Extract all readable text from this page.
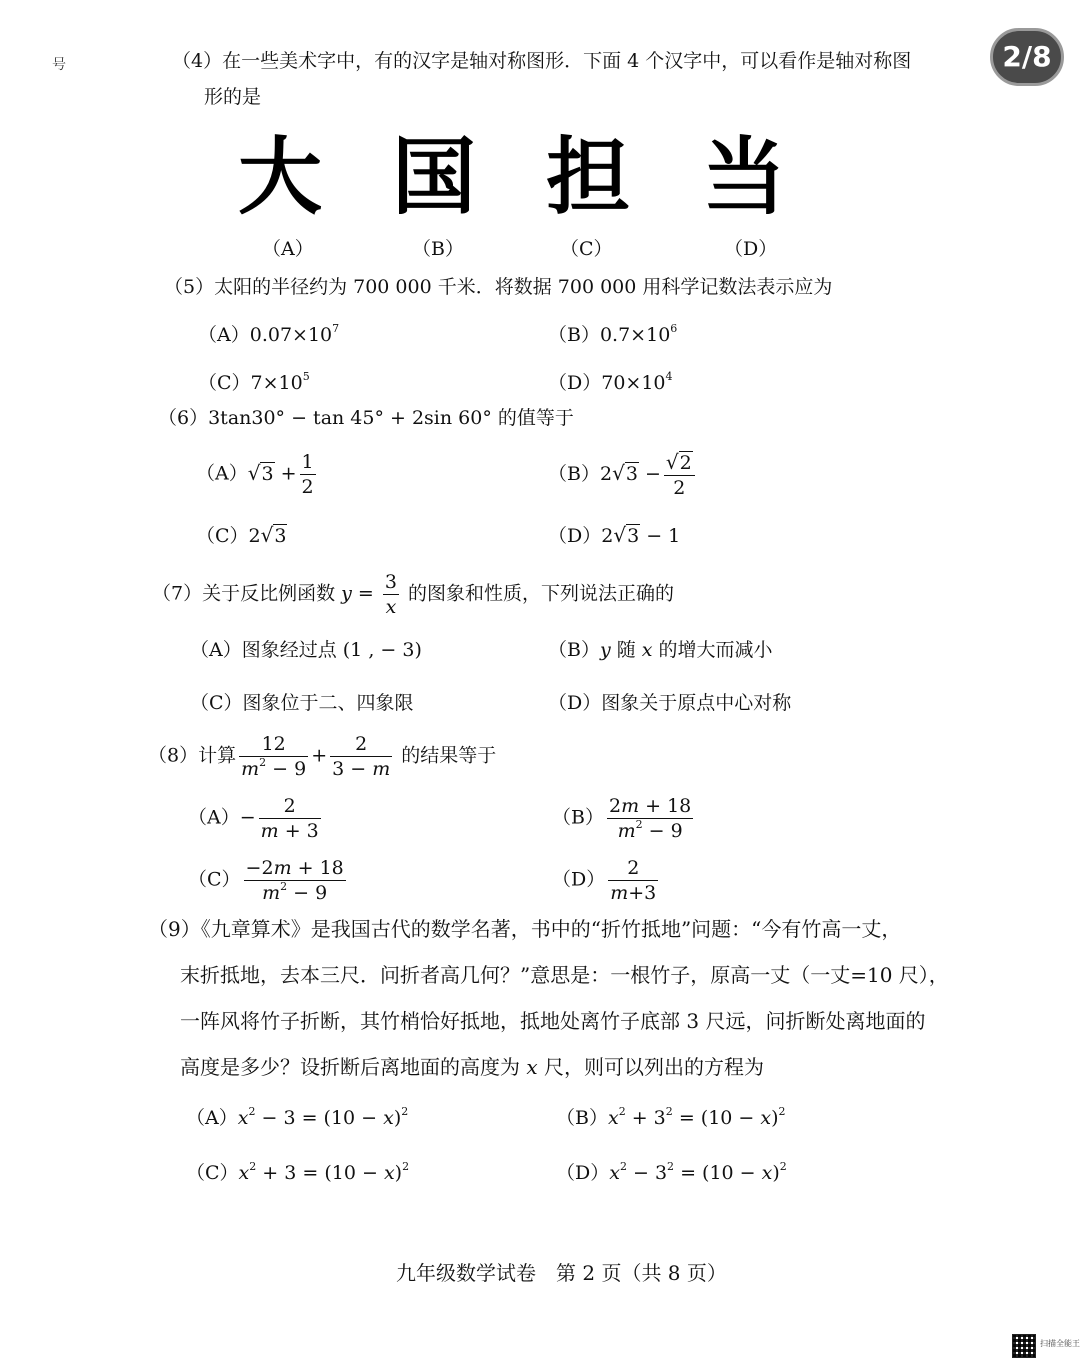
2/8
号	（4）在一些美术字中，有的汉字是轴对称图形．下面 4 个汉字中，可以看作是轴对称图
形的是
大 国 担 当
（A）	（B）	（C）	（D）
（5）太阳的半径约为 700 000 千米．将数据 700 000 用科学记数法表示应为
$(A)0.07\times 10^7$	$(B)0.7\times 10^6$
$(C)7\times 10^5$	$(D)70\times 10^4$
（6）3tan30° − tan 45° + 2sin 60° 的值等于
$(A)√3 + \frac{1}{2}$	$(B)2√3 - \frac{√2}{2}$
（C）2√3	（D）2√3 − 1
（7）关于反比例函数 $y = \frac{3}{x}$ 的图象和性质，下列说法正确的
（A）图象经过点 (1 , − 3)	（B）y 随 x 的增大而减小
（C）图象位于二、四象限	（D）图象关于原点中心对称
（8）计算 $\frac{12}{m^2 - 9} + \frac{2}{3 - m}$ 的结果等于
$(A)- \frac{2}{m + 3}$	$(B) \frac{2m + 18}{m^2 - 9}$
$(C) \frac{-2m + 18}{m^2 - 9}$	$(D) \frac{2}{m+3}$
（9）《九章算术》是我国古代的数学名著，书中的“折竹抵地”问题：“今有竹高一丈，
末折抵地，去本三尺．问折者高几何？”意思是：一根竹子，原高一丈（一丈=10 尺），
一阵风将竹子折断，其竹梢恰好抵地，抵地处离竹子底部 3 尺远，问折断处离地面的
高度是多少？设折断后离地面的高度为 x 尺，则可以列出的方程为
$(A)x^2 - 3 = (10 - x)^2$	$(B)x^2 + 3^2 = (10 - x)^2$
$(C)x^2 + 3 = (10 - x)^2$	$(D)x^2 - 3^2 = (10 - x)^2$
九年级数学试卷　第 2 页（共 8 页）
扫描全能王
